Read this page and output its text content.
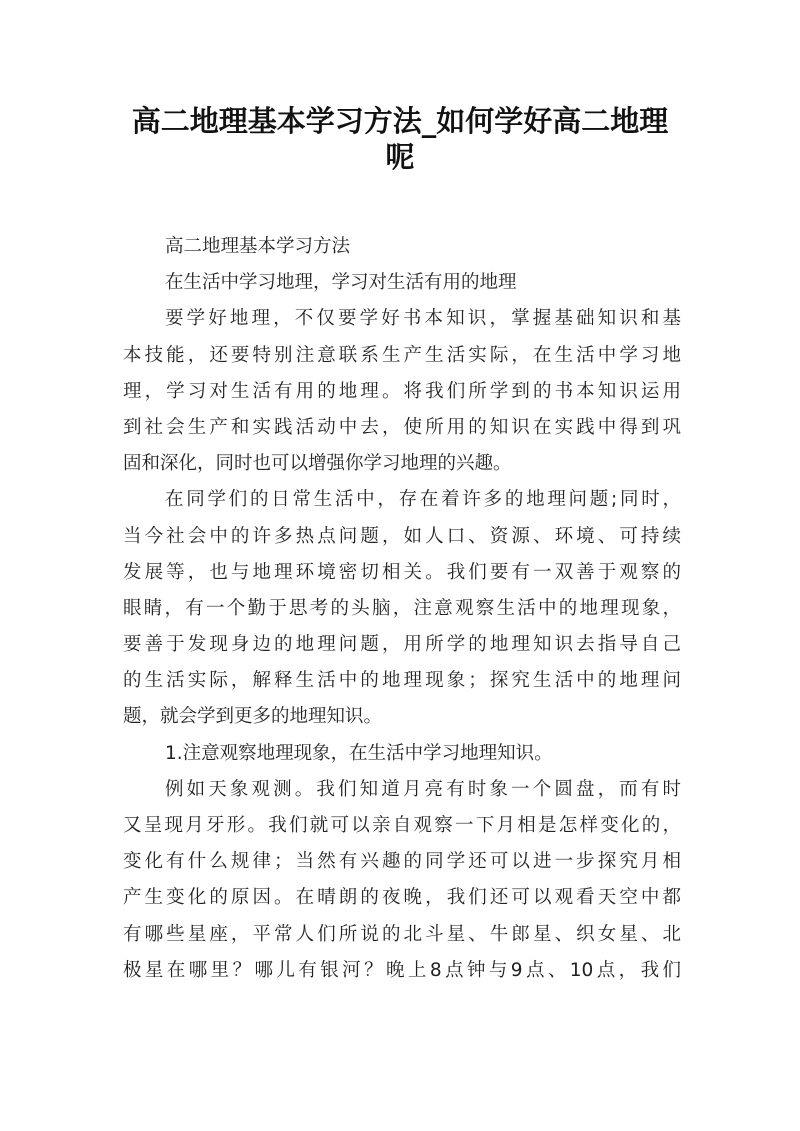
高二地理基本学习方法_如何学好高二地理
呢
高二地理基本学习方法
在生活中学习地理，学习对生活有用的地理
要学好地理，不仅要学好书本知识，掌握基础知识和基
本技能，还要特别注意联系生产生活实际，在生活中学习地
理，学习对生活有用的地理。将我们所学到的书本知识运用
到社会生产和实践活动中去，使所用的知识在实践中得到巩
固和深化，同时也可以增强你学习地理的兴趣。
在同学们的日常生活中，存在着许多的地理问题;同时，
当今社会中的许多热点问题，如人口、资源、环境、可持续
发展等，也与地理环境密切相关。我们要有一双善于观察的
眼睛，有一个勤于思考的头脑，注意观察生活中的地理现象，
要善于发现身边的地理问题，用所学的地理知识去指导自己
的生活实际，解释生活中的地理现象；探究生活中的地理问
题，就会学到更多的地理知识。
1.注意观察地理现象，在生活中学习地理知识。
例如天象观测。我们知道月亮有时象一个圆盘，而有时
又呈现月牙形。我们就可以亲自观察一下月相是怎样变化的，
变化有什么规律；当然有兴趣的同学还可以进一步探究月相
产生变化的原因。在晴朗的夜晚，我们还可以观看天空中都
有哪些星座，平常人们所说的北斗星、牛郎星、织女星、北
极星在哪里？哪儿有银河？晚上8点钟与9点、10点，我们
